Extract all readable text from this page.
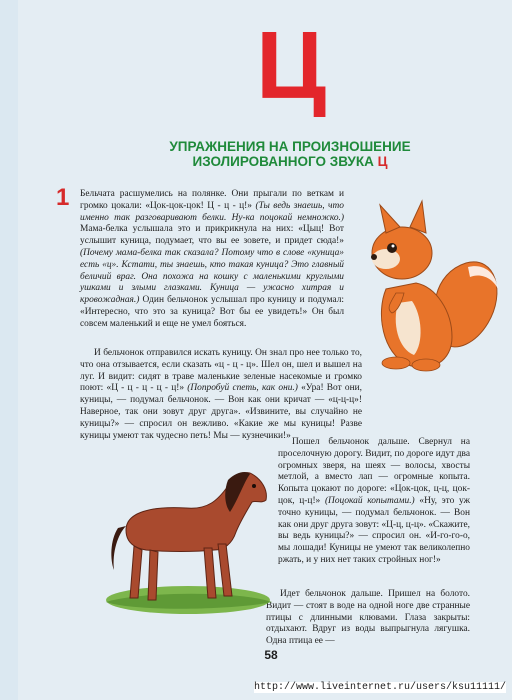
Ц
УПРАЖНЕНИЯ НА ПРОИЗНОШЕНИЕ
ИЗОЛИРОВАННОГО ЗВУКА Ц
1 Бельчата расшумелись на полянке. Они прыгали по веткам и громко цокали: «Цок-цок-цок! Ц - ц - ц!» (Ты ведь знаешь, что именно так разговаривают белки. Ну-ка поцокай немножко.) Мама-белка услышала это и прикрикнула на них: «Цыц! Вот услышит куница, подумает, что вы ее зовете, и придет сюда!» (Почему мама-белка так сказала? Потому что в слове «куница» есть «ц». Кстати, ты знаешь, кто такая куница? Это главный беличий враг. Она похожа на кошку с маленькими круглыми ушками и злыми глазками. Куница — ужасно хитрая и кровожадная.) Один бельчонок услышал про куницу и подумал: «Интересно, что это за куница? Вот бы ее увидеть!» Он был совсем маленький и еще не умел бояться.

И бельчонок отправился искать куницу. Он знал про нее только то, что она отзывается, если сказать «ц - ц - ц». Шел он, шел и вышел на луг. И видит: сидят в траве маленькие зеленые насекомые и громко поют: «Ц - ц - ц - ц - ц!» (Попробуй спеть, как они.) «Ура! Вот они, куницы, — подумал бельчонок. — Вон как они кричат — «ц-ц-ц»! Наверное, так они зовут друг друга». «Извините, вы случайно не куницы?» — спросил он вежливо. «Какие же мы куницы! Разве куницы умеют так чудесно петь! Мы — кузнечики!»

Пошел бельчонок дальше. Свернул на проселочную дорогу. Видит, по дороге идут два огромных зверя, на шеях — волосы, хвосты метлой, а вместо лап — огромные копыта. Копыта цокают по дороге: «Цок-цок, ц-ц, цок-цок, ц-ц!» (Поцокай копытами.) «Ну, это уж точно куницы, — подумал бельчонок. — Вон как они друг друга зовут: «Ц-ц, ц-ц». «Скажите, вы ведь куницы?» — спросил он. «И-го-го-о, мы лошади! Куницы не умеют так великолепно ржать, и у них нет таких стройных ног!»

Идет бельчонок дальше. Пришел на болото. Видит — стоят в воде на одной ноге две странные птицы с длинными клювами. Глаза закрыты: отдыхают. Вдруг из воды выпрыгнула лягушка. Одна птица ее —

58
http://www.liveinternet.ru/users/ksu11111/
